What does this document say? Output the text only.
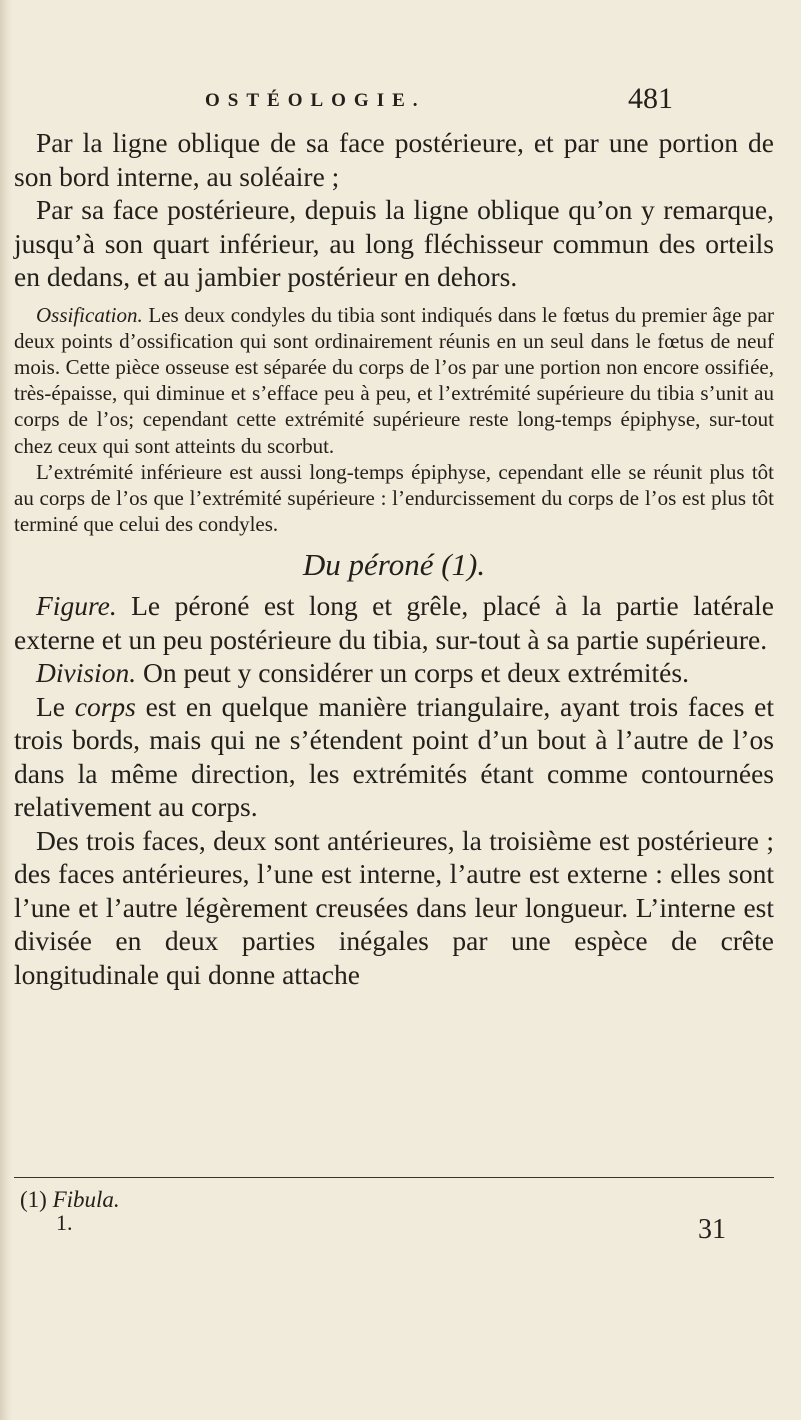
OSTÉOLOGIE.	481

Par la ligne oblique de sa face postérieure, et par une portion de son bord interne, au soléaire ;

Par sa face postérieure, depuis la ligne oblique qu’on y remarque, jusqu’à son quart inférieur, au long fléchisseur commun des orteils en dedans, et au jambier postérieur en dehors.

Ossification. Les deux condyles du tibia sont indiqués dans le fœtus du premier âge par deux points d’ossification qui sont ordinairement réunis en un seul dans le fœtus de neuf mois. Cette pièce osseuse est séparée du corps de l’os par une portion non encore ossifiée, très-épaisse, qui diminue et s’efface peu à peu, et l’extrémité supérieure du tibia s’unit au corps de l’os; cependant cette extrémité supérieure reste long-temps épiphyse, sur-tout chez ceux qui sont atteints du scorbut.

L’extrémité inférieure est aussi long-temps épiphyse, cependant elle se réunit plus tôt au corps de l’os que l’extrémité supérieure : l’endurcissement du corps de l’os est plus tôt terminé que celui des condyles.

Du péroné (1).

Figure. Le péroné est long et grêle, placé à la partie latérale externe et un peu postérieure du tibia, sur-tout à sa partie supérieure.

Division. On peut y considérer un corps et deux extrémités.

Le corps est en quelque manière triangulaire, ayant trois faces et trois bords, mais qui ne s’étendent point d’un bout à l’autre de l’os dans la même direction, les extrémités étant comme contournées relativement au corps.

Des trois faces, deux sont antérieures, la troisième est postérieure ; des faces antérieures, l’une est interne, l’autre est externe : elles sont l’une et l’autre légèrement creusées dans leur longueur. L’interne est divisée en deux parties inégales par une espèce de crête longitudinale qui donne attache

(1) Fibula.
1.	31
